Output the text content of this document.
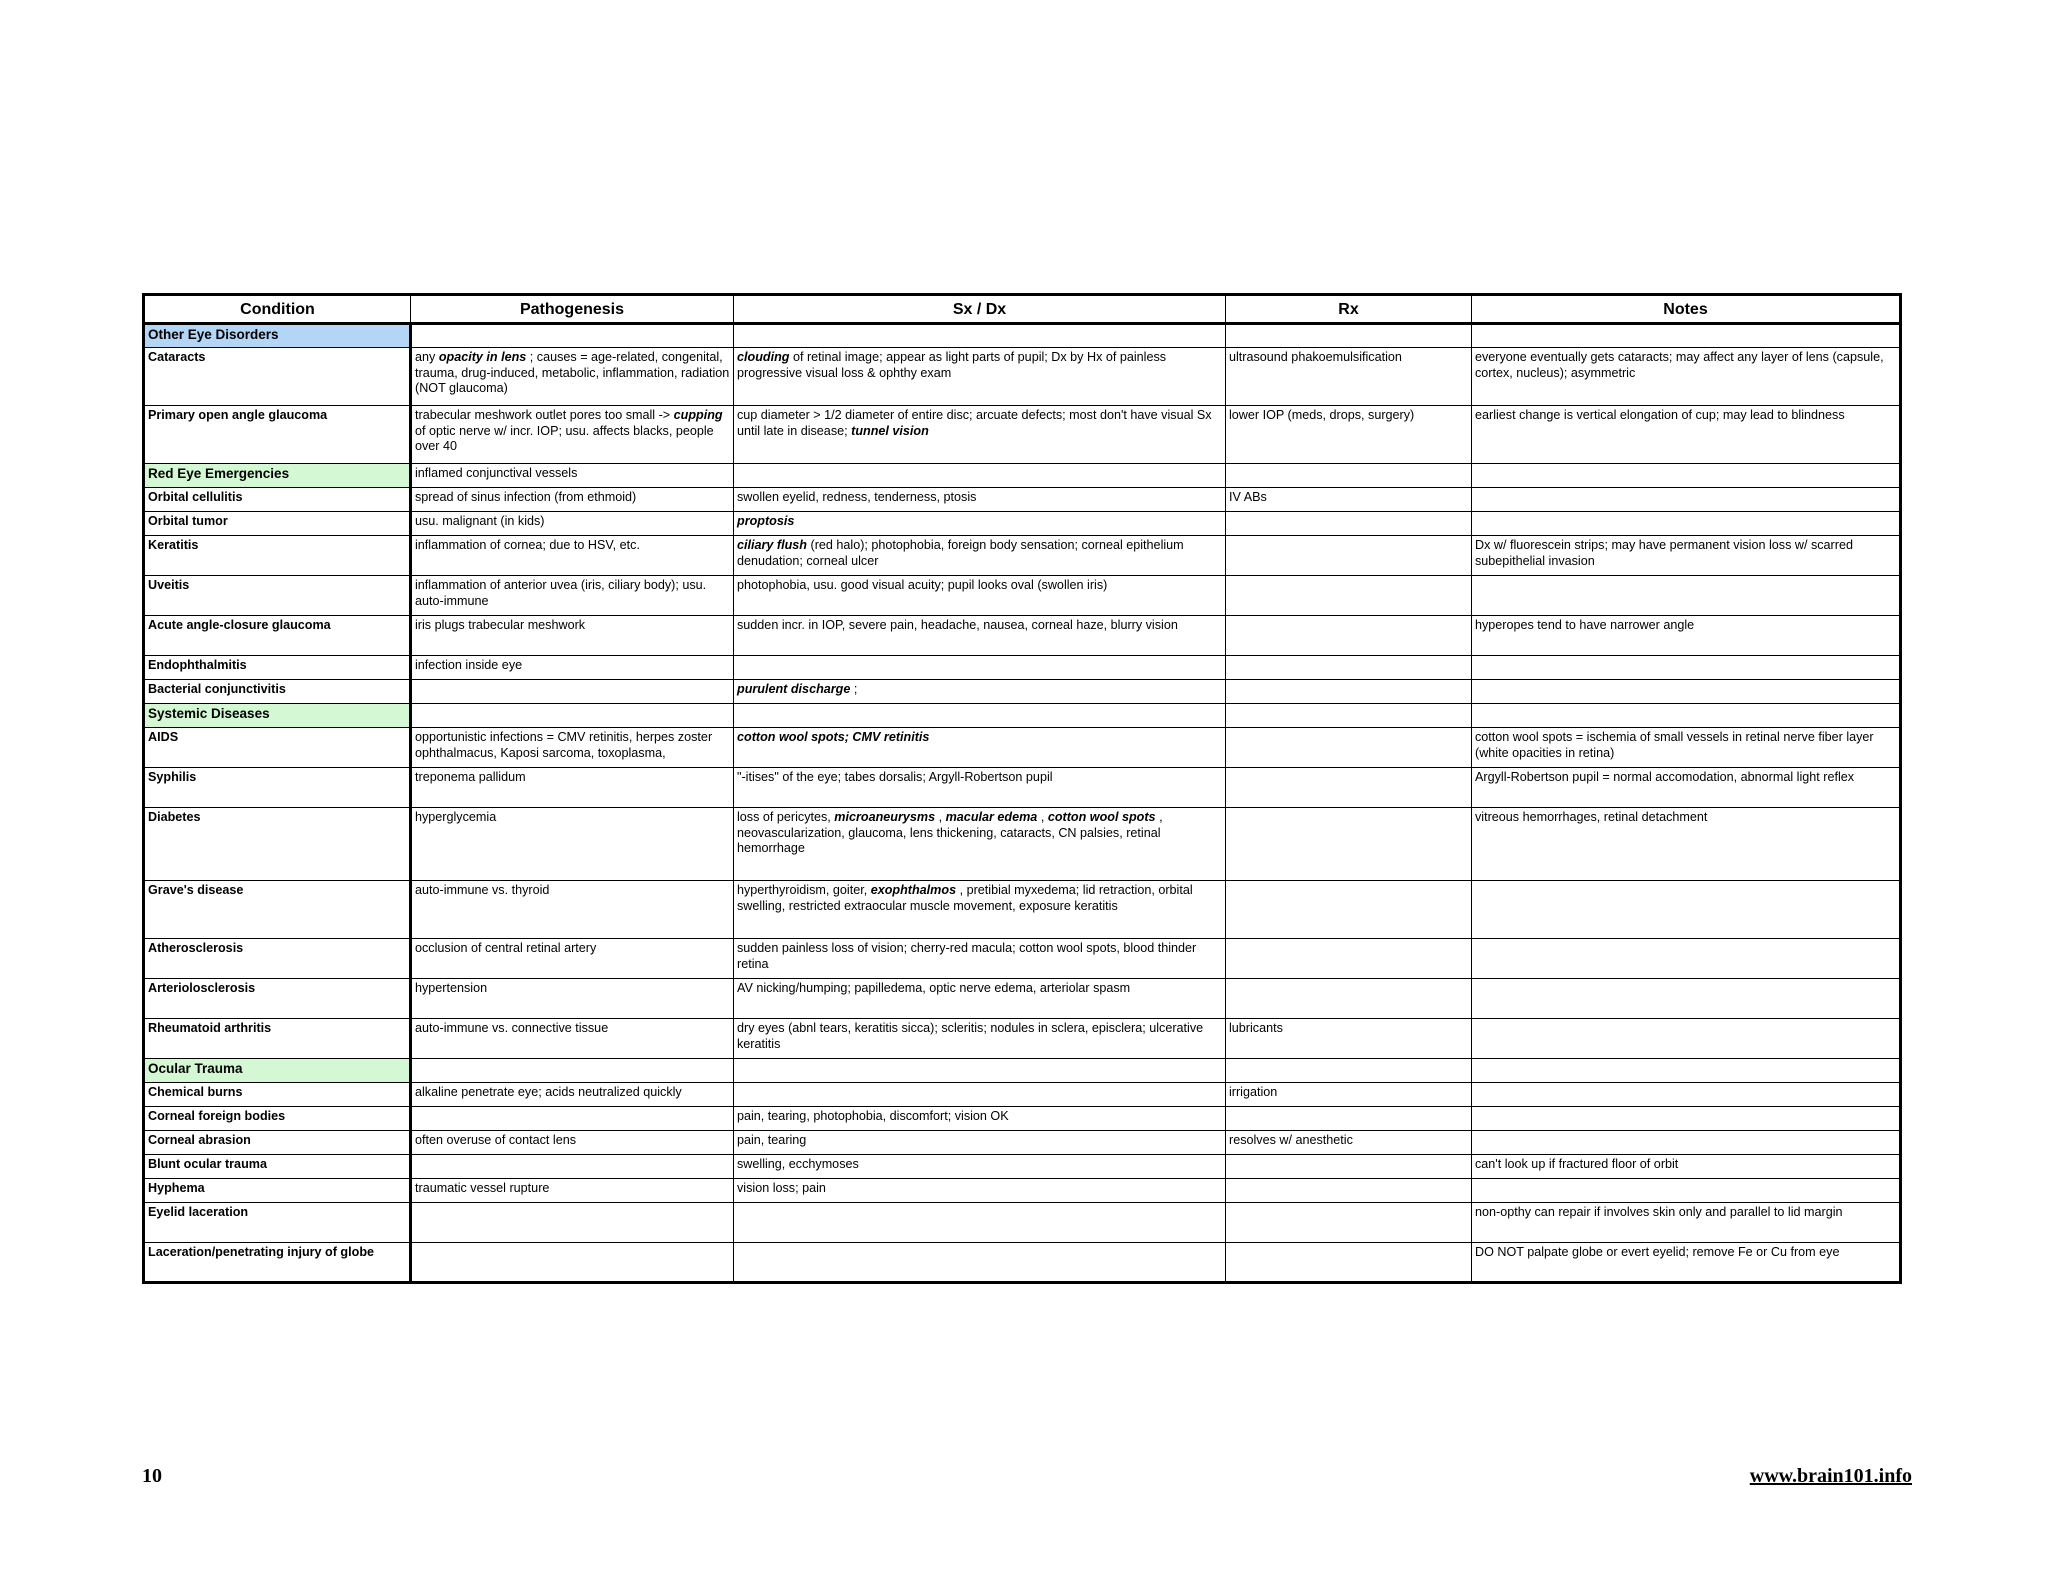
Condition	Pathogenesis	Sx / Dx	Rx	Notes
Other Eye Disorders				
Cataracts	any opacity in lens ; causes = age-related, congenital, trauma, drug-induced, metabolic, inflammation, radiation (NOT glaucoma)	clouding of retinal image; appear as light parts of pupil; Dx by Hx of painless progressive visual loss & ophthy exam	ultrasound phakoemulsification	everyone eventually gets cataracts; may affect any layer of lens (capsule, cortex, nucleus); asymmetric
Primary open angle glaucoma	trabecular meshwork outlet pores too small -> cupping of optic nerve w/ incr. IOP; usu. affects blacks, people over 40	cup diameter > 1/2 diameter of entire disc; arcuate defects; most don't have visual Sx until late in disease; tunnel vision	lower IOP (meds, drops, surgery)	earliest change is vertical elongation of cup; may lead to blindness
Red Eye Emergencies	inflamed conjunctival vessels			
Orbital cellulitis	spread of sinus infection (from ethmoid)	swollen eyelid, redness, tenderness, ptosis	IV ABs	
Orbital tumor	usu. malignant (in kids)	proptosis		
Keratitis	inflammation of cornea; due to HSV, etc.	ciliary flush (red halo); photophobia, foreign body sensation; corneal epithelium denudation; corneal ulcer		Dx w/ fluorescein strips; may have permanent vision loss w/ scarred subepithelial invasion
Uveitis	inflammation of anterior uvea (iris, ciliary body); usu. auto-immune	photophobia, usu. good visual acuity; pupil looks oval (swollen iris)		
Acute angle-closure glaucoma	iris plugs trabecular meshwork	sudden incr. in IOP, severe pain, headache, nausea, corneal haze, blurry vision		hyperopes tend to have narrower angle
Endophthalmitis	infection inside eye			
Bacterial conjunctivitis		purulent discharge ;		
Systemic Diseases				
AIDS	opportunistic infections = CMV retinitis, herpes zoster ophthalmacus, Kaposi sarcoma, toxoplasma,	cotton wool spots; CMV retinitis		cotton wool spots = ischemia of small vessels in retinal nerve fiber layer (white opacities in retina)
Syphilis	treponema pallidum	"-itises" of the eye; tabes dorsalis; Argyll-Robertson pupil		Argyll-Robertson pupil = normal accomodation, abnormal light reflex
Diabetes	hyperglycemia	loss of pericytes, microaneurysms , macular edema , cotton wool spots , neovascularization, glaucoma, lens thickening, cataracts, CN palsies, retinal hemorrhage		vitreous hemorrhages, retinal detachment
Grave's disease	auto-immune vs. thyroid	hyperthyroidism, goiter, exophthalmos , pretibial myxedema; lid retraction, orbital swelling, restricted extraocular muscle movement, exposure keratitis		
Atherosclerosis	occlusion of central retinal artery	sudden painless loss of vision; cherry-red macula; cotton wool spots, blood thinder retina		
Arteriolosclerosis	hypertension	AV nicking/humping; papilledema, optic nerve edema, arteriolar spasm		
Rheumatoid arthritis	auto-immune vs. connective tissue	dry eyes (abnl tears, keratitis sicca); scleritis; nodules in sclera, episclera; ulcerative keratitis	lubricants	
Ocular Trauma				
Chemical burns	alkaline penetrate eye; acids neutralized quickly		irrigation	
Corneal foreign bodies		pain, tearing, photophobia, discomfort; vision OK		
Corneal abrasion	often overuse of contact lens	pain, tearing	resolves w/ anesthetic	
Blunt ocular trauma		swelling, ecchymoses		can't look up if fractured floor of orbit
Hyphema	traumatic vessel rupture	vision loss; pain		
Eyelid laceration				non-opthy can repair if involves skin only and parallel to lid margin
Laceration/penetrating injury of globe				DO NOT palpate globe or evert eyelid; remove Fe or Cu from eye
10	www.brain101.info
